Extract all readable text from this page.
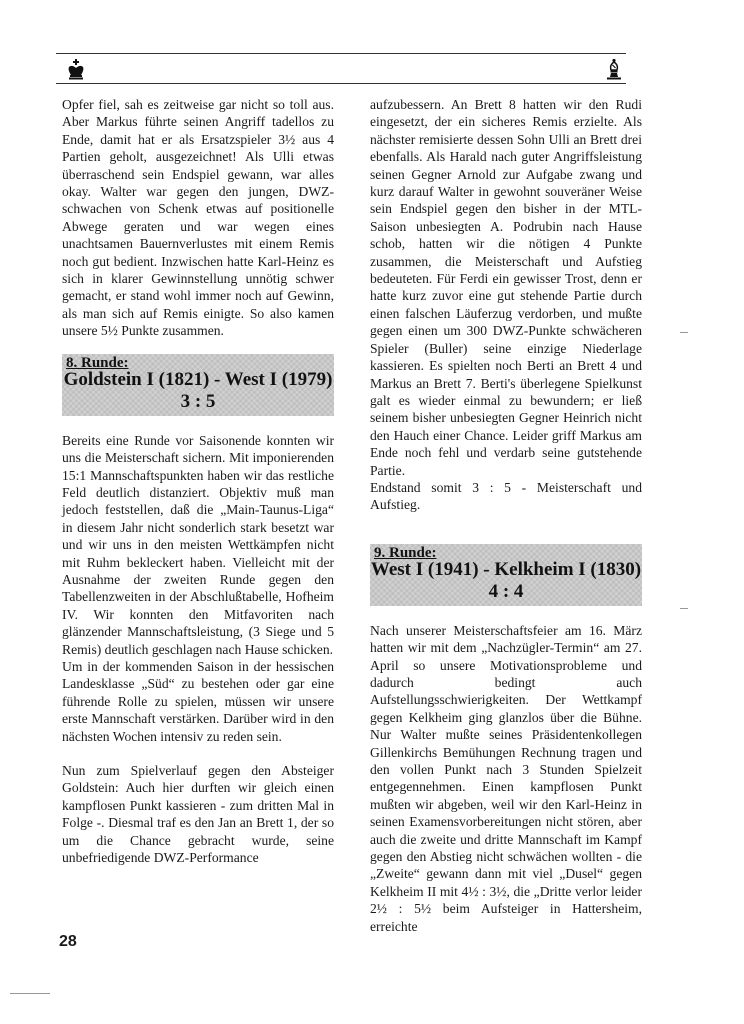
Opfer fiel, sah es zeitweise gar nicht so toll aus. Aber Markus führte seinen Angriff tadellos zu Ende, damit hat er als Ersatzspieler 3½ aus 4 Partien geholt, ausgezeichnet! Als Ulli etwas überraschend sein Endspiel gewann, war alles okay. Walter war gegen den jungen, DWZ-schwachen von Schenk etwas auf positionelle Abwege geraten und war wegen eines unachtsamen Bauernverlustes mit einem Remis noch gut bedient. Inzwischen hatte Karl-Heinz es sich in klarer Gewinnstellung unnötig schwer gemacht, er stand wohl immer noch auf Gewinn, als man sich auf Remis einigte. So also kamen unsere 5½ Punkte zusammen.

8. Runde:
Goldstein I (1821) - West I (1979)
3 : 5

Bereits eine Runde vor Saisonende konnten wir uns die Meisterschaft sichern. Mit imponierenden 15:1 Mannschaftspunkten haben wir das restliche Feld deutlich distanziert. Objektiv muß man jedoch feststellen, daß die „Main-Taunus-Liga“ in diesem Jahr nicht sonderlich stark besetzt war und wir uns in den meisten Wettkämpfen nicht mit Ruhm bekleckert haben. Vielleicht mit der Ausnahme der zweiten Runde gegen den Tabellenzweiten in der Abschlußtabelle, Hofheim IV. Wir konnten den Mitfavoriten nach glänzender Mannschaftsleistung, (3 Siege und 5 Remis) deutlich geschlagen nach Hause schicken.

Um in der kommenden Saison in der hessischen Landesklasse „Süd“ zu bestehen oder gar eine führende Rolle zu spielen, müssen wir unsere erste Mannschaft verstärken. Darüber wird in den nächsten Wochen intensiv zu reden sein.

Nun zum Spielverlauf gegen den Absteiger Goldstein: Auch hier durften wir gleich einen kampflosen Punkt kassieren - zum dritten Mal in Folge -. Diesmal traf es den Jan an Brett 1, der so um die Chance gebracht wurde, seine unbefriedigende DWZ-Performance

aufzubessern. An Brett 8 hatten wir den Rudi eingesetzt, der ein sicheres Remis erzielte. Als nächster remisierte dessen Sohn Ulli an Brett drei ebenfalls. Als Harald nach guter Angriffsleistung seinen Gegner Arnold zur Aufgabe zwang und kurz darauf Walter in gewohnt souveräner Weise sein Endspiel gegen den bisher in der MTL-Saison unbesiegten A. Podrubin nach Hause schob, hatten wir die nötigen 4 Punkte zusammen, die Meisterschaft und Aufstieg bedeuteten. Für Ferdi ein gewisser Trost, denn er hatte kurz zuvor eine gut stehende Partie durch einen falschen Läuferzug verdorben, und mußte gegen einen um 300 DWZ-Punkte schwächeren Spieler (Buller) seine einzige Niederlage kassieren. Es spielten noch Berti an Brett 4 und Markus an Brett 7. Berti's überlegene Spielkunst galt es wieder einmal zu bewundern; er ließ seinem bisher unbesiegten Gegner Heinrich nicht den Hauch einer Chance. Leider griff Markus am Ende noch fehl und verdarb seine gutstehende Partie.

Endstand somit 3 : 5 - Meisterschaft und Aufstieg.

9. Runde:
West I (1941) - Kelkheim I (1830)
4 : 4

Nach unserer Meisterschaftsfeier am 16. März hatten wir mit dem „Nachzügler-Termin“ am 27. April so unsere Motivationsprobleme und dadurch bedingt auch Aufstellungsschwierigkeiten. Der Wettkampf gegen Kelkheim ging glanzlos über die Bühne. Nur Walter mußte seines Präsidentenkollegen Gillenkirchs Bemühungen Rechnung tragen und den vollen Punkt nach 3 Stunden Spielzeit entgegennehmen. Einen kampflosen Punkt mußten wir abgeben, weil wir den Karl-Heinz in seinen Examensvorbereitungen nicht stören, aber auch die zweite und dritte Mannschaft im Kampf gegen den Abstieg nicht schwächen wollten - die „Zweite“ gewann dann mit viel „Dusel“ gegen Kelkheim II mit 4½ : 3½, die „Dritte verlor leider 2½ : 5½ beim Aufsteiger in Hattersheim, erreichte

28
